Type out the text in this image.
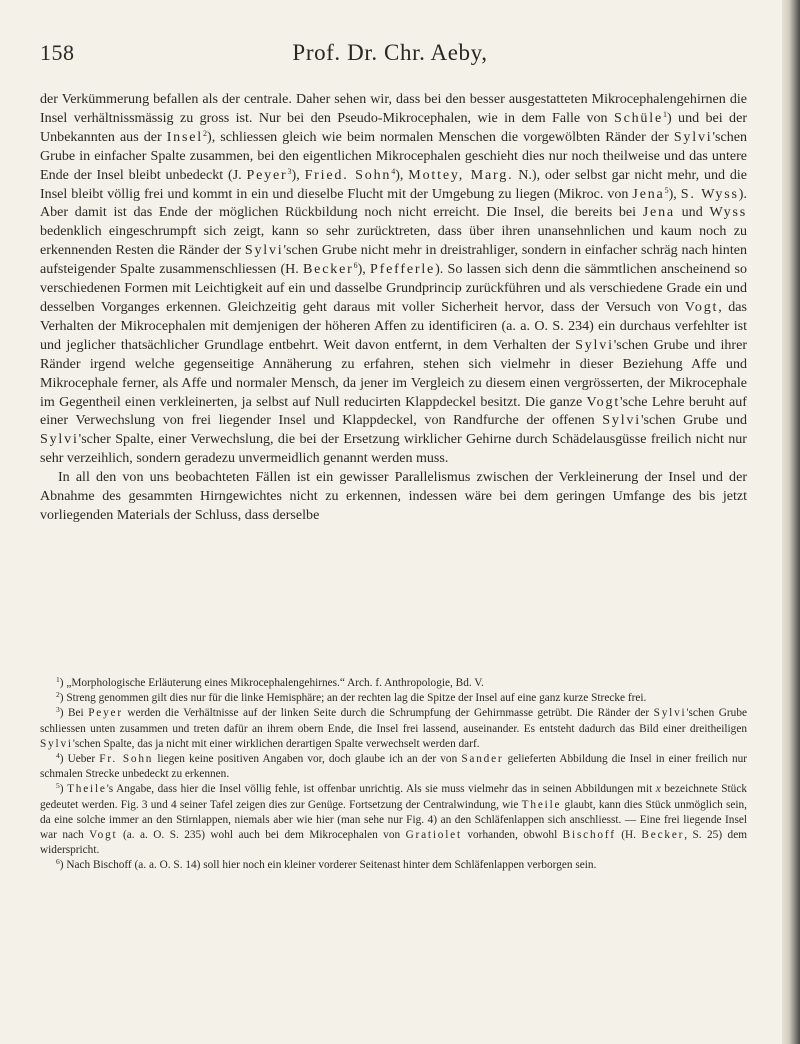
158	Prof. Dr. Chr. Aeby,

der Verkümmerung befallen als der centrale. Daher sehen wir, dass bei den besser ausgestatteten Mikrocephalengehirnen die Insel verhältnissmässig zu gross ist. Nur bei den Pseudo-Mikrocephalen, wie in dem Falle von Schüle$^1$) und bei der Unbekannten aus der Insel$^2$), schliessen gleich wie beim normalen Menschen die vorgewölbten Ränder der Sylvi'schen Grube in einfacher Spalte zusammen, bei den eigentlichen Mikrocephalen geschieht dies nur noch theilweise und das untere Ende der Insel bleibt unbedeckt (J. Peyer$^3$), Fried. Sohn$^4$), Mottey, Marg. N.), oder selbst gar nicht mehr, und die Insel bleibt völlig frei und kommt in ein und dieselbe Flucht mit der Umgebung zu liegen (Mikroc. von Jena$^5$), S. Wyss). Aber damit ist das Ende der möglichen Rückbildung noch nicht erreicht. Die Insel, die bereits bei Jena und Wyss bedenklich eingeschrumpft sich zeigt, kann so sehr zurücktreten, dass über ihren unansehnlichen und kaum noch zu erkennenden Resten die Ränder der Sylvi'schen Grube nicht mehr in dreistrahliger, sondern in einfacher schräg nach hinten aufsteigender Spalte zusammenschliessen (H. Becker$^6$), Pfefferle). So lassen sich denn die sämmtlichen anscheinend so verschiedenen Formen mit Leichtigkeit auf ein und dasselbe Grundprincip zurückführen und als verschiedene Grade ein und desselben Vorganges erkennen. Gleichzeitig geht daraus mit voller Sicherheit hervor, dass der Versuch von Vogt, das Verhalten der Mikrocephalen mit demjenigen der höheren Affen zu identificiren (a. a. O. S. 234) ein durchaus verfehlter ist und jeglicher thatsächlicher Grundlage entbehrt. Weit davon entfernt, in dem Verhalten der Sylvi'schen Grube und ihrer Ränder irgend welche gegenseitige Annäherung zu erfahren, stehen sich vielmehr in dieser Beziehung Affe und Mikrocephale ferner, als Affe und normaler Mensch, da jener im Vergleich zu diesem einen vergrösserten, der Mikrocephale im Gegentheil einen verkleinerten, ja selbst auf Null reducirten Klappdeckel besitzt. Die ganze Vogt'sche Lehre beruht auf einer Verwechslung von frei liegender Insel und Klappdeckel, von Randfurche der offenen Sylvi'schen Grube und Sylvi'scher Spalte, einer Verwechslung, die bei der Ersetzung wirklicher Gehirne durch Schädelausgüsse freilich nicht nur sehr verzeihlich, sondern geradezu unvermeidlich genannt werden muss.

In all den von uns beobachteten Fällen ist ein gewisser Parallelismus zwischen der Verkleinerung der Insel und der Abnahme des gesammten Hirngewichtes nicht zu erkennen, indessen wäre bei dem geringen Umfange des bis jetzt vorliegenden Materials der Schluss, dass derselbe

$^1$) „Morphologische Erläuterung eines Mikrocephalengehirnes.“ Arch. f. Anthropologie, Bd. V.

$^2$) Streng genommen gilt dies nur für die linke Hemisphäre; an der rechten lag die Spitze der Insel auf eine ganz kurze Strecke frei.

$^3$) Bei Peyer werden die Verhältnisse auf der linken Seite durch die Schrumpfung der Gehirnmasse getrübt. Die Ränder der Sylvi'schen Grube schliessen unten zusammen und treten dafür an ihrem obern Ende, die Insel frei lassend, auseinander. Es entsteht dadurch das Bild einer dreitheiligen Sylvi'schen Spalte, das ja nicht mit einer wirklichen derartigen Spalte verwechselt werden darf.

$^4$) Ueber Fr. Sohn liegen keine positiven Angaben vor, doch glaube ich an der von Sander gelieferten Abbildung die Insel in einer freilich nur schmalen Strecke unbedeckt zu erkennen.

$^5$) Theile's Angabe, dass hier die Insel völlig fehle, ist offenbar unrichtig. Als sie muss vielmehr das in seinen Abbildungen mit x bezeichnete Stück gedeutet werden. Fig. 3 und 4 seiner Tafel zeigen dies zur Genüge. Fortsetzung der Centralwindung, wie Theile glaubt, kann dies Stück unmöglich sein, da eine solche immer an den Stirnlappen, niemals aber wie hier (man sehe nur Fig. 4) an den Schläfenlappen sich anschliesst. — Eine frei liegende Insel war nach Vogt (a. a. O. S. 235) wohl auch bei dem Mikrocephalen von Gratiolet vorhanden, obwohl Bischoff (H. Becker, S. 25) dem widerspricht.

$^6$) Nach Bischoff (a. a. O. S. 14) soll hier noch ein kleiner vorderer Seitenast hinter dem Schläfenlappen verborgen sein.
